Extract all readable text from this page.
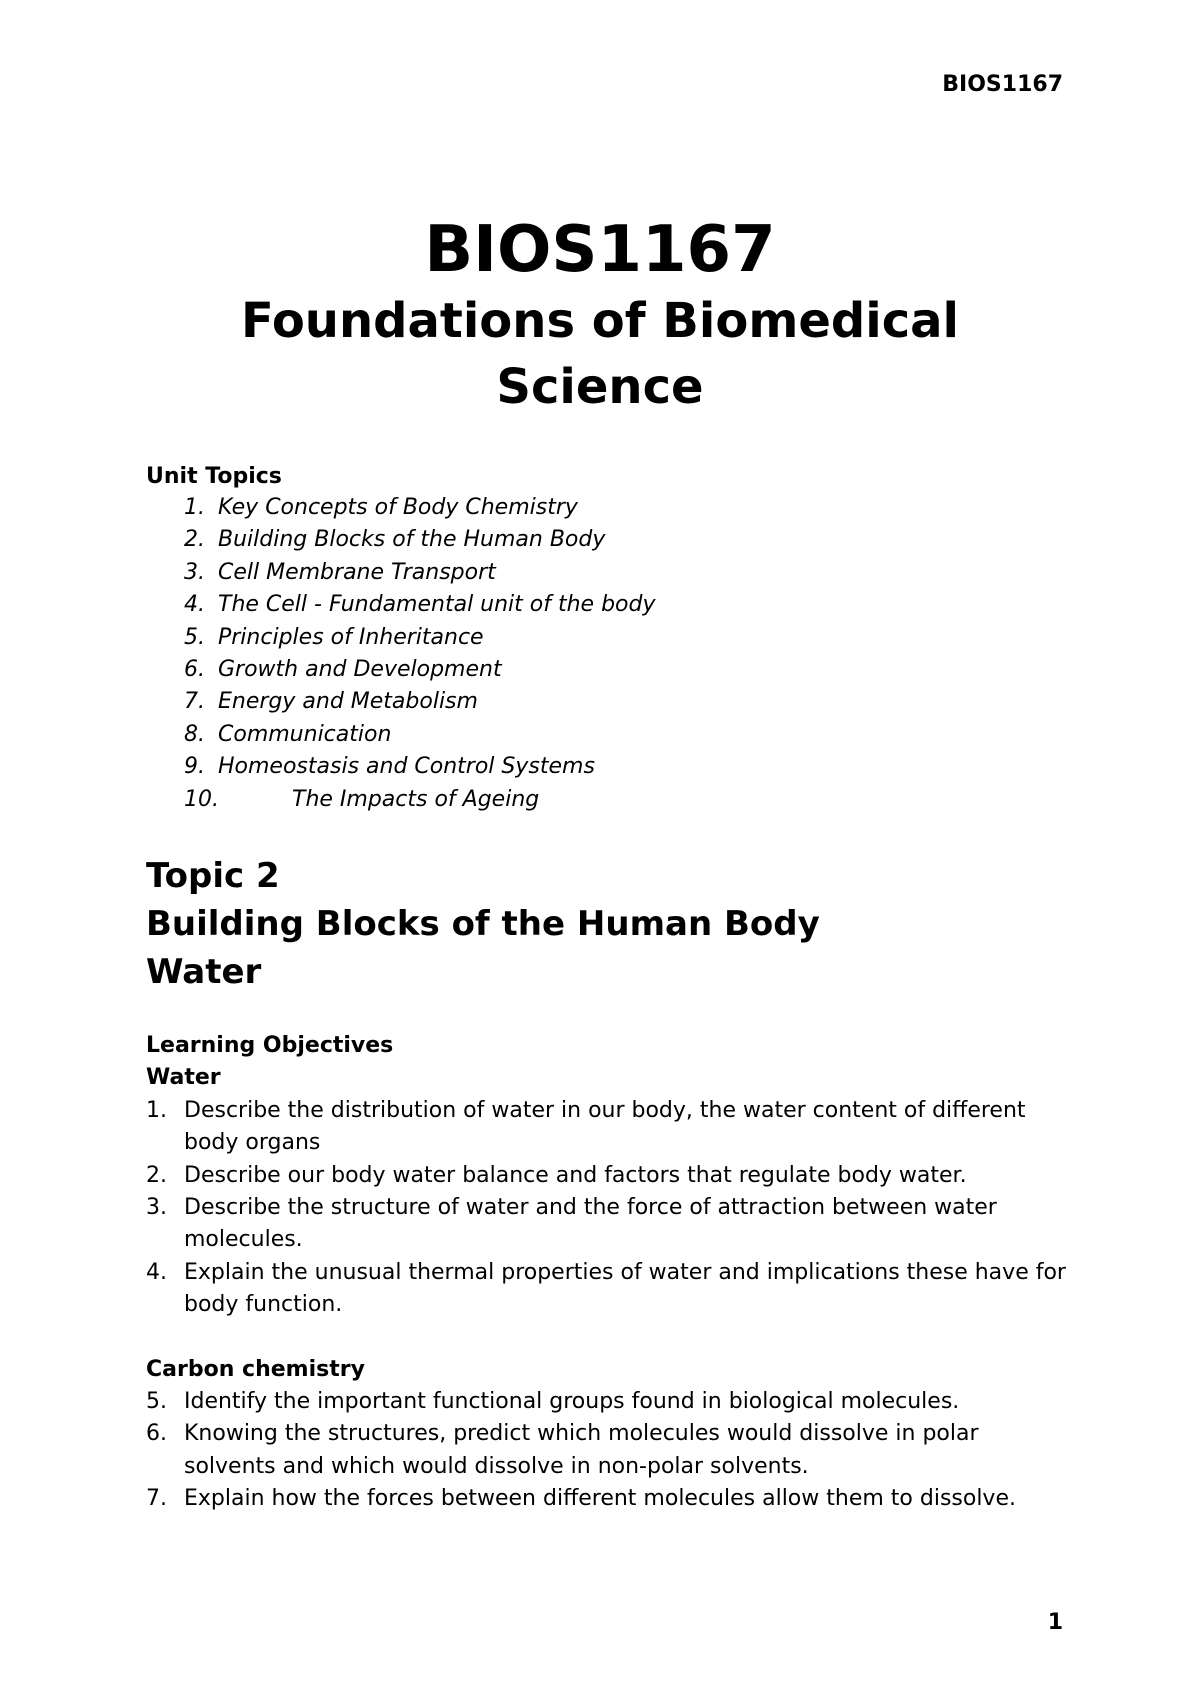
BIOS1167

BIOS1167

Foundations of Biomedical

Science

Unit Topics

1. Key Concepts of Body Chemistry
2. Building Blocks of the Human Body
3. Cell Membrane Transport
4. The Cell - Fundamental unit of the body
5. Principles of Inheritance
6. Growth and Development
7. Energy and Metabolism
8. Communication
9. Homeostasis and Control Systems
10.	The Impacts of Ageing

Topic 2

Building Blocks of the Human Body

Water

Learning Objectives

Water

1. Describe the distribution of water in our body, the water content of different body organs
2. Describe our body water balance and factors that regulate body water.
3. Describe the structure of water and the force of attraction between water molecules.
4. Explain the unusual thermal properties of water and implications these have for body function.

Carbon chemistry

5. Identify the important functional groups found in biological molecules.
6. Knowing the structures, predict which molecules would dissolve in polar solvents and which would dissolve in non-polar solvents.
7. Explain how the forces between different molecules allow them to dissolve.
1
